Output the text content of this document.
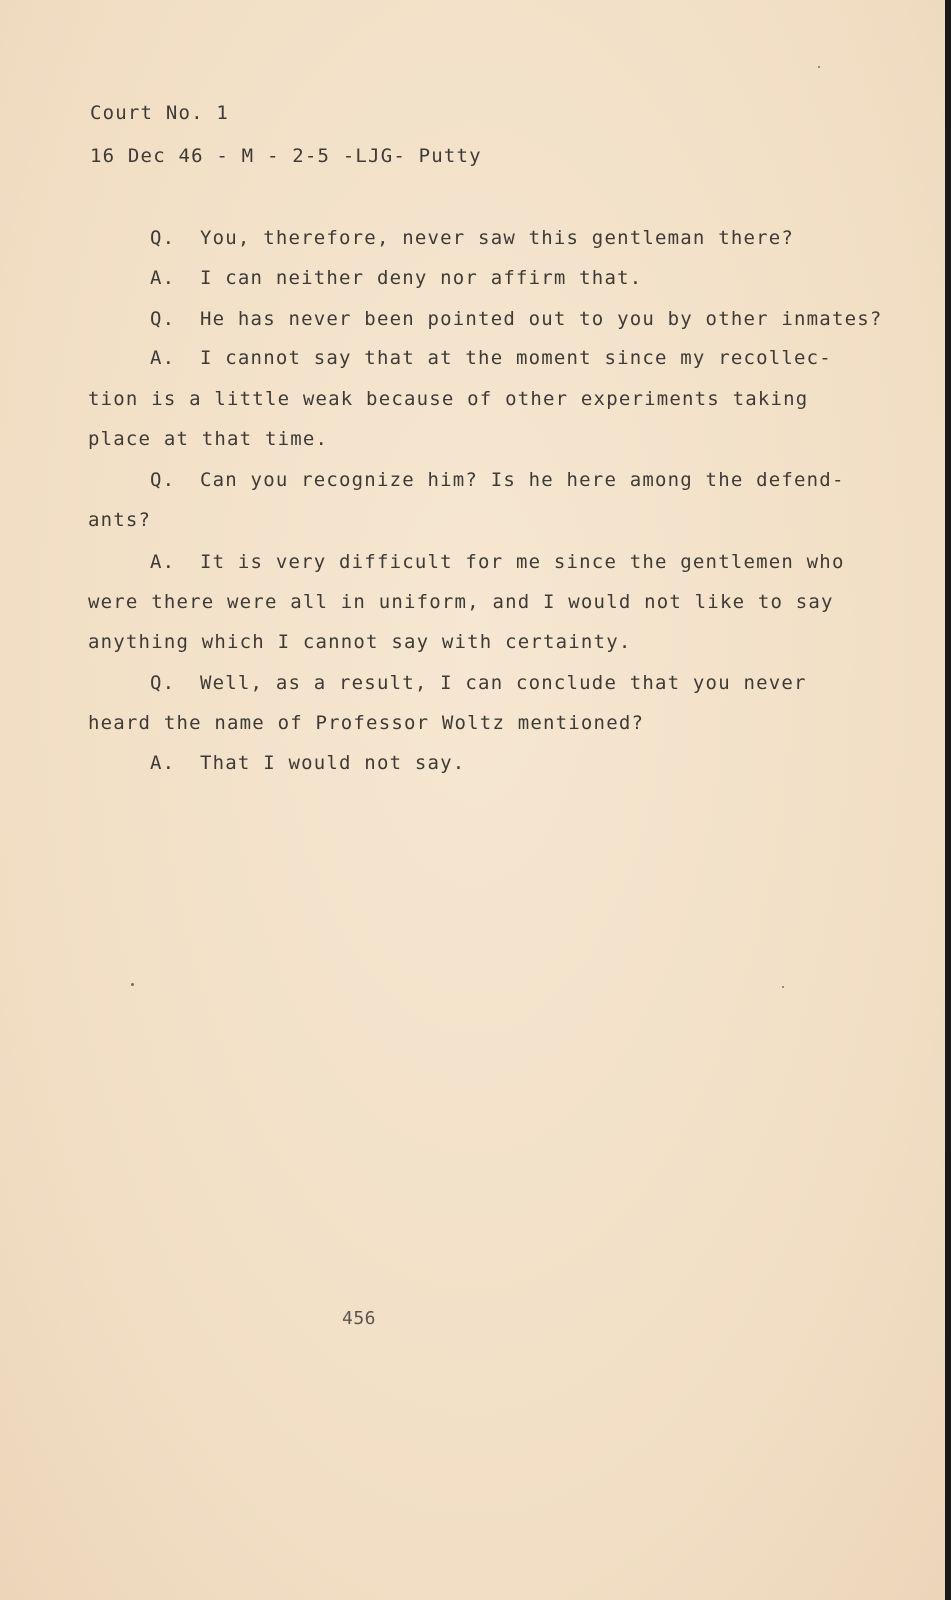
Court No. 1
16 Dec 46 - M - 2-5 -LJG- Putty
Q. You, therefore, never saw this gentleman there?
A. I can neither deny nor affirm that.
Q. He has never been pointed out to you by other inmates?
A. I cannot say that at the moment since my recollec-
tion is a little weak because of other experiments taking
place at that time.
Q. Can you recognize him? Is he here among the defend-
ants?
A. It is very difficult for me since the gentlemen who
were there were all in uniform, and I would not like to say
anything which I cannot say with certainty.
Q. Well, as a result, I can conclude that you never
heard the name of Professor Woltz mentioned?
A. That I would not say.
456
